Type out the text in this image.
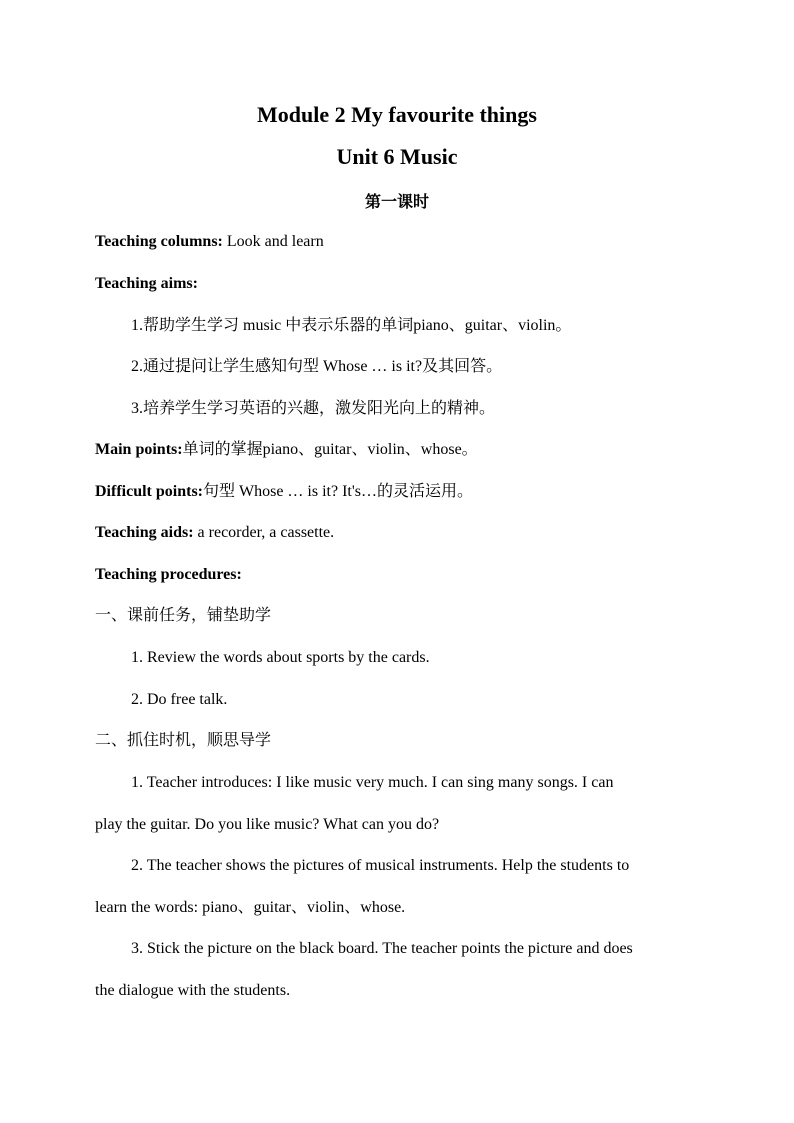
Module 2 My favourite things
Unit 6 Music
第一课时
Teaching columns: Look and learn
Teaching aims:
1.帮助学生学习 music 中表示乐器的单词piano、guitar、violin。
2.通过提问让学生感知句型 Whose … is it?及其回答。
3.培养学生学习英语的兴趣，激发阳光向上的精神。
Main points:单词的掌握piano、guitar、violin、whose。
Difficult points:句型 Whose … is it? It's…的灵活运用。
Teaching aids: a recorder, a cassette.
Teaching procedures:
一、课前任务，铺垫助学
1. Review the words about sports by the cards.
2. Do free talk.
二、抓住时机，顺思导学
1. Teacher introduces: I like music very much. I can sing many songs. I can
play the guitar. Do you like music? What can you do?
2. The teacher shows the pictures of musical instruments. Help the students to
learn the words: piano、guitar、violin、whose.
3. Stick the picture on the black board. The teacher points the picture and does
the dialogue with the students.
